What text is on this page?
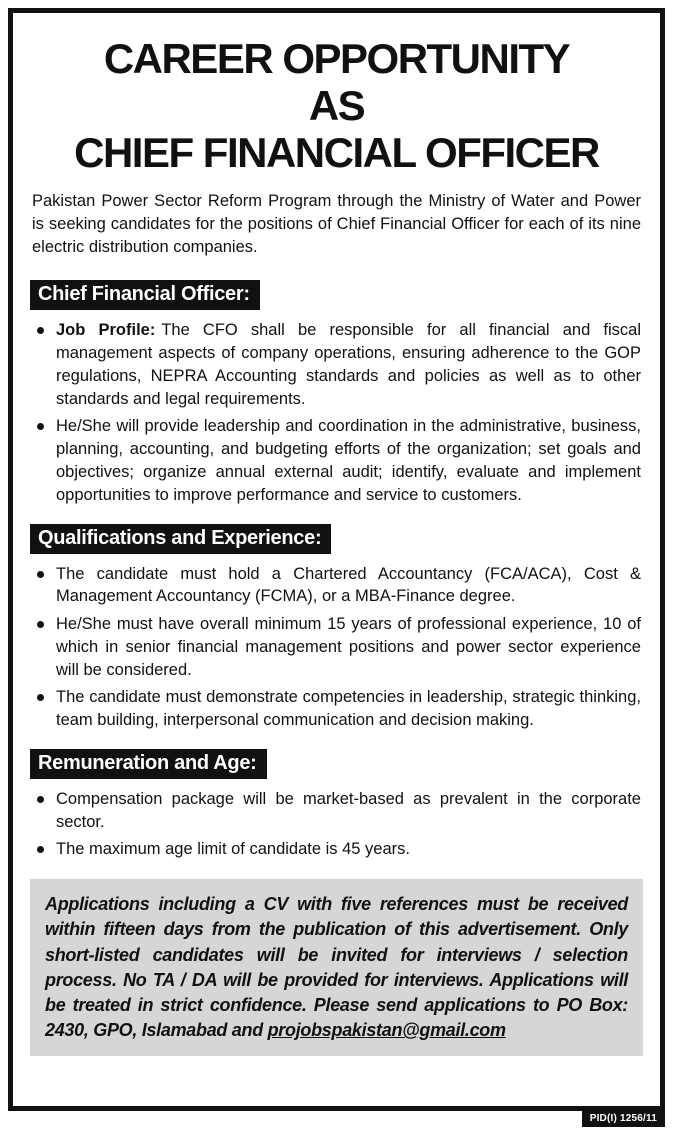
CAREER OPPORTUNITY
AS
CHIEF FINANCIAL OFFICER

Pakistan Power Sector Reform Program through the Ministry of Water and Power is seeking candidates for the positions of Chief Financial Officer for each of its nine electric distribution companies.

Chief Financial Officer:
Job Profile: The CFO shall be responsible for all financial and fiscal management aspects of company operations, ensuring adherence to the GOP regulations, NEPRA Accounting standards and policies as well as to other standards and legal requirements.
He/She will provide leadership and coordination in the administrative, business, planning, accounting, and budgeting efforts of the organization; set goals and objectives; organize annual external audit; identify, evaluate and implement opportunities to improve performance and service to customers.
Qualifications and Experience:
The candidate must hold a Chartered Accountancy (FCA/ACA), Cost & Management Accountancy (FCMA), or a MBA-Finance degree.
He/She must have overall minimum 15 years of professional experience, 10 of which in senior financial management positions and power sector experience will be considered.
The candidate must demonstrate competencies in leadership, strategic thinking, team building, interpersonal communication and decision making.
Remuneration and Age:
Compensation package will be market-based as prevalent in the corporate sector.
The maximum age limit of candidate is 45 years.
Applications including a CV with five references must be received within fifteen days from the publication of this advertisement. Only short-listed candidates will be invited for interviews / selection process. No TA / DA will be provided for interviews. Applications will be treated in strict confidence. Please send applications to PO Box: 2430, GPO, Islamabad and projobspakistan@gmail.com
PID(I) 1256/11
